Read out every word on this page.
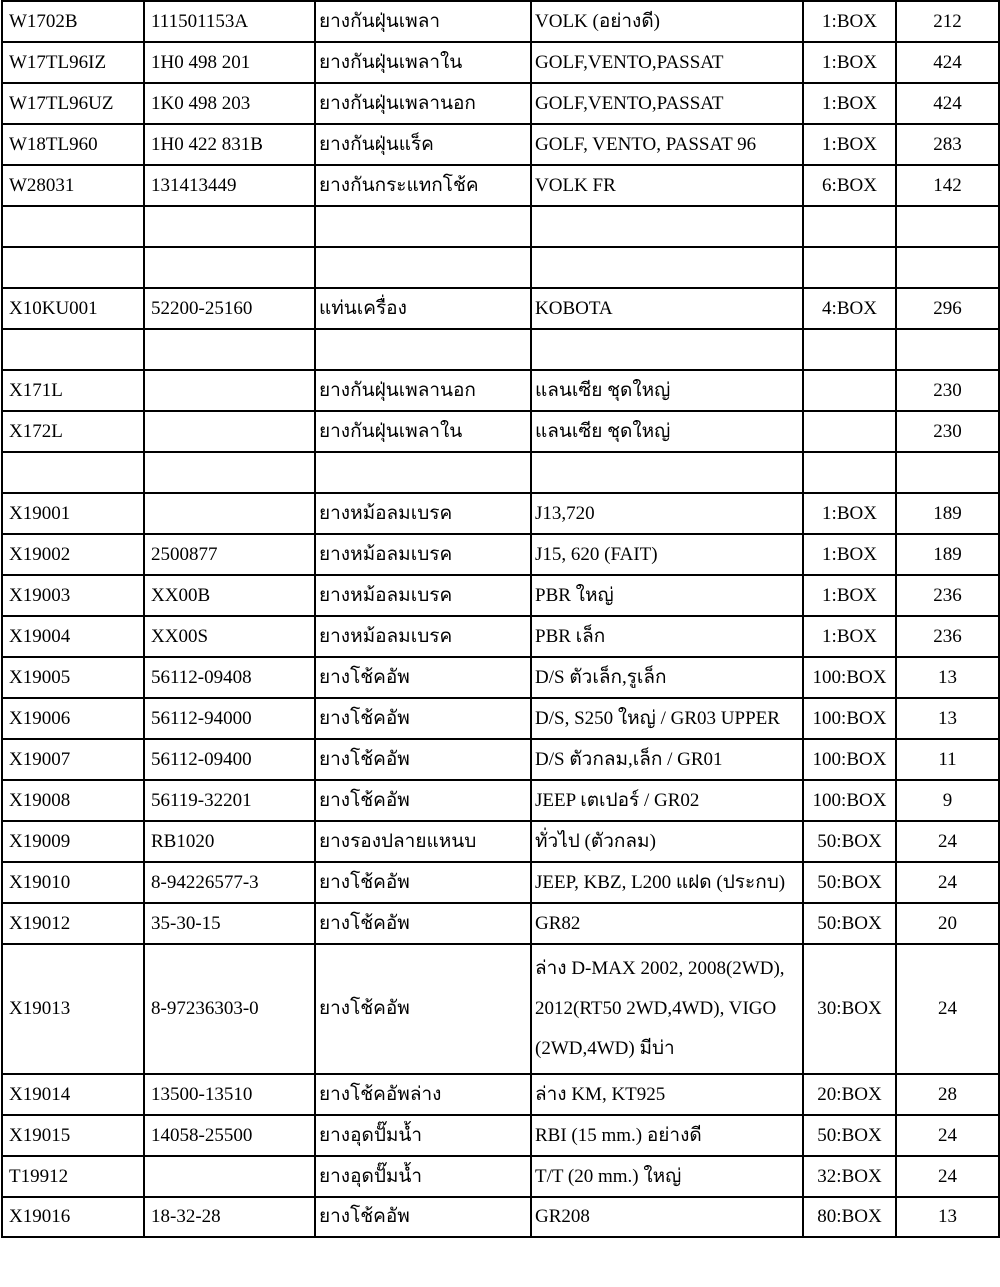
W1702B	111501153A	ยางกันฝุ่นเพลา	VOLK (อย่างดี)	1:BOX	212
W17TL96IZ	1H0 498 201	ยางกันฝุ่นเพลาใน	GOLF,VENTO,PASSAT	1:BOX	424
W17TL96UZ	1K0 498 203	ยางกันฝุ่นเพลานอก	GOLF,VENTO,PASSAT	1:BOX	424
W18TL960	1H0 422 831B	ยางกันฝุ่นแร็ค	GOLF, VENTO, PASSAT 96	1:BOX	283
W28031	131413449	ยางกันกระแทกโช้ค	VOLK FR	6:BOX	142

X10KU001	52200-25160	แท่นเครื่อง	KOBOTA	4:BOX	296

X171L		ยางกันฝุ่นเพลานอก	แลนเซีย ชุดใหญ่		230
X172L		ยางกันฝุ่นเพลาใน	แลนเซีย ชุดใหญ่		230

X19001		ยางหม้อลมเบรค	J13,720	1:BOX	189
X19002	2500877	ยางหม้อลมเบรค	J15, 620 (FAIT)	1:BOX	189
X19003	XX00B	ยางหม้อลมเบรค	PBR ใหญ่	1:BOX	236
X19004	XX00S	ยางหม้อลมเบรค	PBR เล็ก	1:BOX	236
X19005	56112-09408	ยางโช้คอัพ	D/S ตัวเล็ก,รูเล็ก	100:BOX	13
X19006	56112-94000	ยางโช้คอัพ	D/S, S250 ใหญ่ / GR03 UPPER	100:BOX	13
X19007	56112-09400	ยางโช้คอัพ	D/S ตัวกลม,เล็ก / GR01	100:BOX	11
X19008	56119-32201	ยางโช้คอัพ	JEEP เตเปอร์ / GR02	100:BOX	9
X19009	RB1020	ยางรองปลายแหนบ	ทั่วไป (ตัวกลม)	50:BOX	24
X19010	8-94226577-3	ยางโช้คอัพ	JEEP, KBZ, L200 แฝด (ประกบ)	50:BOX	24
X19012	35-30-15	ยางโช้คอัพ	GR82	50:BOX	20
X19013	8-97236303-0	ยางโช้คอัพ	ล่าง D-MAX 2002, 2008(2WD), 2012(RT50 2WD,4WD), VIGO (2WD,4WD) มีบ่า	30:BOX	24
X19014	13500-13510	ยางโช้คอัพล่าง	ล่าง KM, KT925	20:BOX	28
X19015	14058-25500	ยางอุดปั๊มน้ำ	RBI (15 mm.) อย่างดี	50:BOX	24
T19912		ยางอุดปั๊มน้ำ	T/T (20 mm.) ใหญ่	32:BOX	24
X19016	18-32-28	ยางโช้คอัพ	GR208	80:BOX	13
